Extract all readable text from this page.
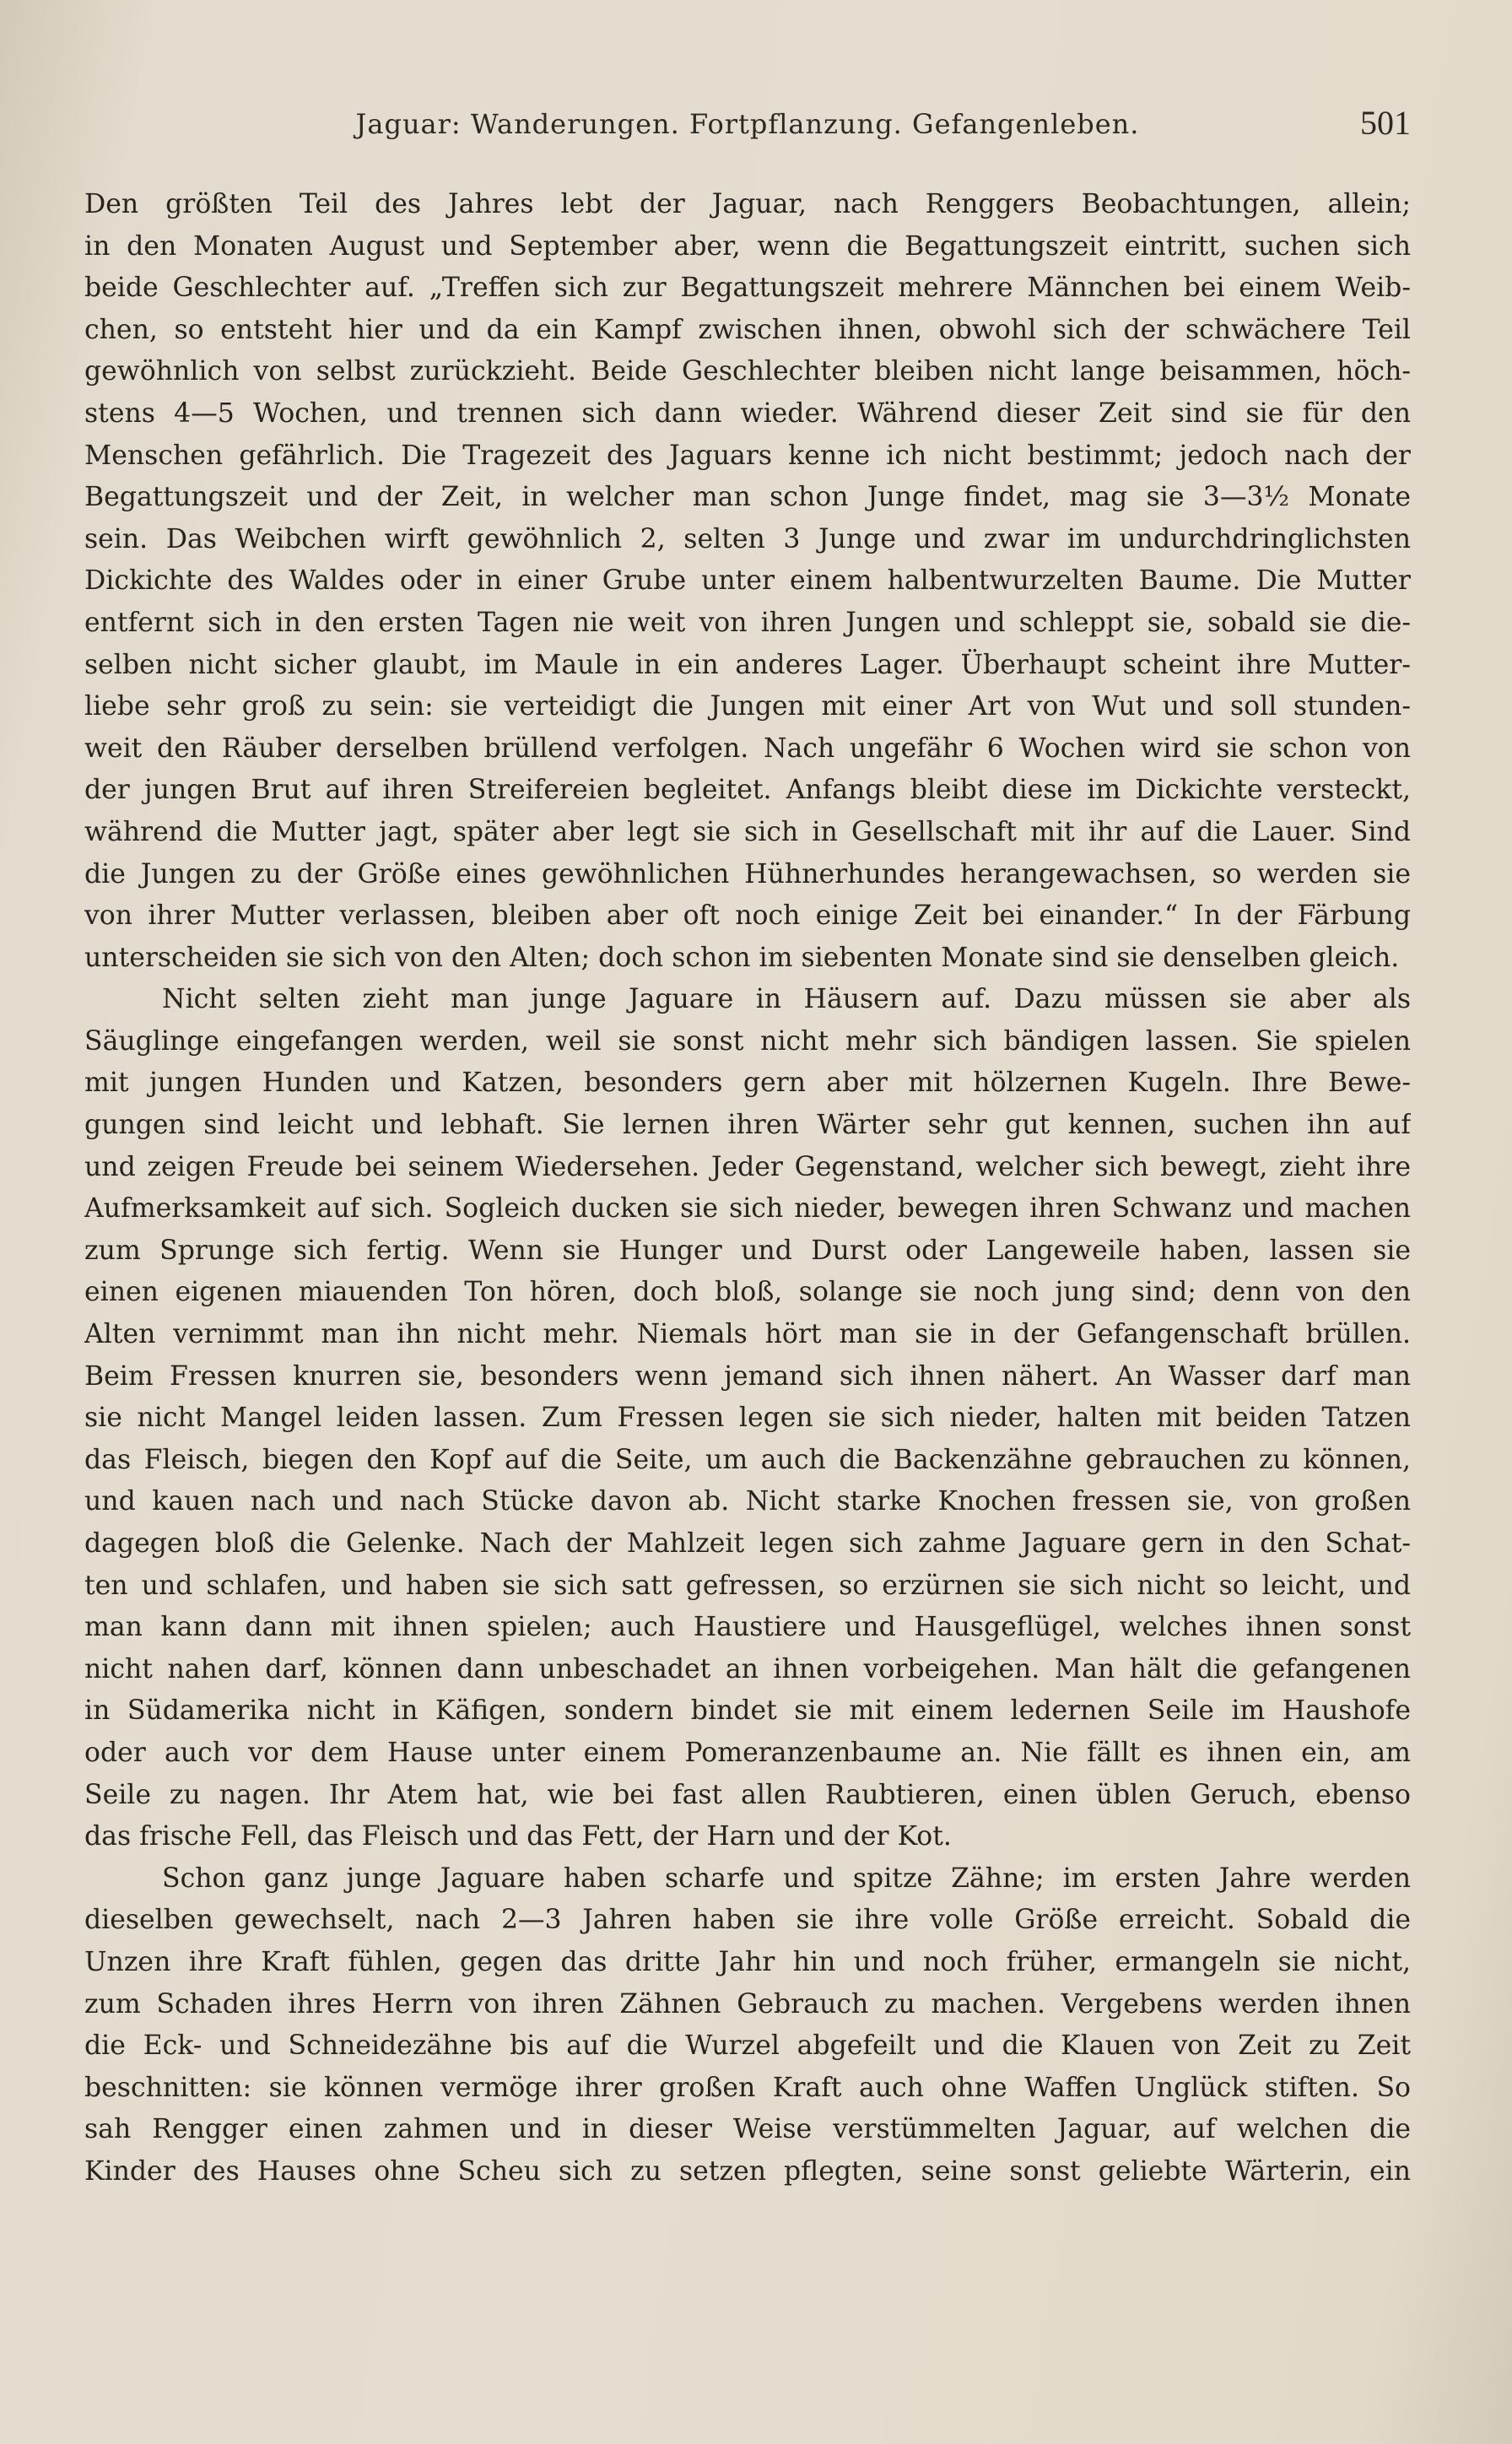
Jaguar: Wanderungen. Fortpflanzung. Gefangenleben.	501
Den größten Teil des Jahres lebt der Jaguar, nach Renggers Beobachtungen, allein;
in den Monaten August und September aber, wenn die Begattungszeit eintritt, suchen sich
beide Geschlechter auf. „Treffen sich zur Begattungszeit mehrere Männchen bei einem Weib-
chen, so entsteht hier und da ein Kampf zwischen ihnen, obwohl sich der schwächere Teil
gewöhnlich von selbst zurückzieht. Beide Geschlechter bleiben nicht lange beisammen, höch-
stens 4—5 Wochen, und trennen sich dann wieder. Während dieser Zeit sind sie für den
Menschen gefährlich. Die Tragezeit des Jaguars kenne ich nicht bestimmt; jedoch nach der
Begattungszeit und der Zeit, in welcher man schon Junge findet, mag sie 3—3½ Monate
sein. Das Weibchen wirft gewöhnlich 2, selten 3 Junge und zwar im undurchdringlichsten
Dickichte des Waldes oder in einer Grube unter einem halbentwurzelten Baume. Die Mutter
entfernt sich in den ersten Tagen nie weit von ihren Jungen und schleppt sie, sobald sie die-
selben nicht sicher glaubt, im Maule in ein anderes Lager. Überhaupt scheint ihre Mutter-
liebe sehr groß zu sein: sie verteidigt die Jungen mit einer Art von Wut und soll stunden-
weit den Räuber derselben brüllend verfolgen. Nach ungefähr 6 Wochen wird sie schon von
der jungen Brut auf ihren Streifereien begleitet. Anfangs bleibt diese im Dickichte versteckt,
während die Mutter jagt, später aber legt sie sich in Gesellschaft mit ihr auf die Lauer. Sind
die Jungen zu der Größe eines gewöhnlichen Hühnerhundes herangewachsen, so werden sie
von ihrer Mutter verlassen, bleiben aber oft noch einige Zeit bei einander.“ In der Färbung
unterscheiden sie sich von den Alten; doch schon im siebenten Monate sind sie denselben gleich.
Nicht selten zieht man junge Jaguare in Häusern auf. Dazu müssen sie aber als
Säuglinge eingefangen werden, weil sie sonst nicht mehr sich bändigen lassen. Sie spielen
mit jungen Hunden und Katzen, besonders gern aber mit hölzernen Kugeln. Ihre Bewe-
gungen sind leicht und lebhaft. Sie lernen ihren Wärter sehr gut kennen, suchen ihn auf
und zeigen Freude bei seinem Wiedersehen. Jeder Gegenstand, welcher sich bewegt, zieht ihre
Aufmerksamkeit auf sich. Sogleich ducken sie sich nieder, bewegen ihren Schwanz und machen
zum Sprunge sich fertig. Wenn sie Hunger und Durst oder Langeweile haben, lassen sie
einen eigenen miauenden Ton hören, doch bloß, solange sie noch jung sind; denn von den
Alten vernimmt man ihn nicht mehr. Niemals hört man sie in der Gefangenschaft brüllen.
Beim Fressen knurren sie, besonders wenn jemand sich ihnen nähert. An Wasser darf man
sie nicht Mangel leiden lassen. Zum Fressen legen sie sich nieder, halten mit beiden Tatzen
das Fleisch, biegen den Kopf auf die Seite, um auch die Backenzähne gebrauchen zu können,
und kauen nach und nach Stücke davon ab. Nicht starke Knochen fressen sie, von großen
dagegen bloß die Gelenke. Nach der Mahlzeit legen sich zahme Jaguare gern in den Schat-
ten und schlafen, und haben sie sich satt gefressen, so erzürnen sie sich nicht so leicht, und
man kann dann mit ihnen spielen; auch Haustiere und Hausgeflügel, welches ihnen sonst
nicht nahen darf, können dann unbeschadet an ihnen vorbeigehen. Man hält die gefangenen
in Südamerika nicht in Käfigen, sondern bindet sie mit einem ledernen Seile im Haushofe
oder auch vor dem Hause unter einem Pomeranzenbaume an. Nie fällt es ihnen ein, am
Seile zu nagen. Ihr Atem hat, wie bei fast allen Raubtieren, einen üblen Geruch, ebenso
das frische Fell, das Fleisch und das Fett, der Harn und der Kot.
Schon ganz junge Jaguare haben scharfe und spitze Zähne; im ersten Jahre werden
dieselben gewechselt, nach 2—3 Jahren haben sie ihre volle Größe erreicht. Sobald die
Unzen ihre Kraft fühlen, gegen das dritte Jahr hin und noch früher, ermangeln sie nicht,
zum Schaden ihres Herrn von ihren Zähnen Gebrauch zu machen. Vergebens werden ihnen
die Eck- und Schneidezähne bis auf die Wurzel abgefeilt und die Klauen von Zeit zu Zeit
beschnitten: sie können vermöge ihrer großen Kraft auch ohne Waffen Unglück stiften. So
sah Rengger einen zahmen und in dieser Weise verstümmelten Jaguar, auf welchen die
Kinder des Hauses ohne Scheu sich zu setzen pflegten, seine sonst geliebte Wärterin, ein
